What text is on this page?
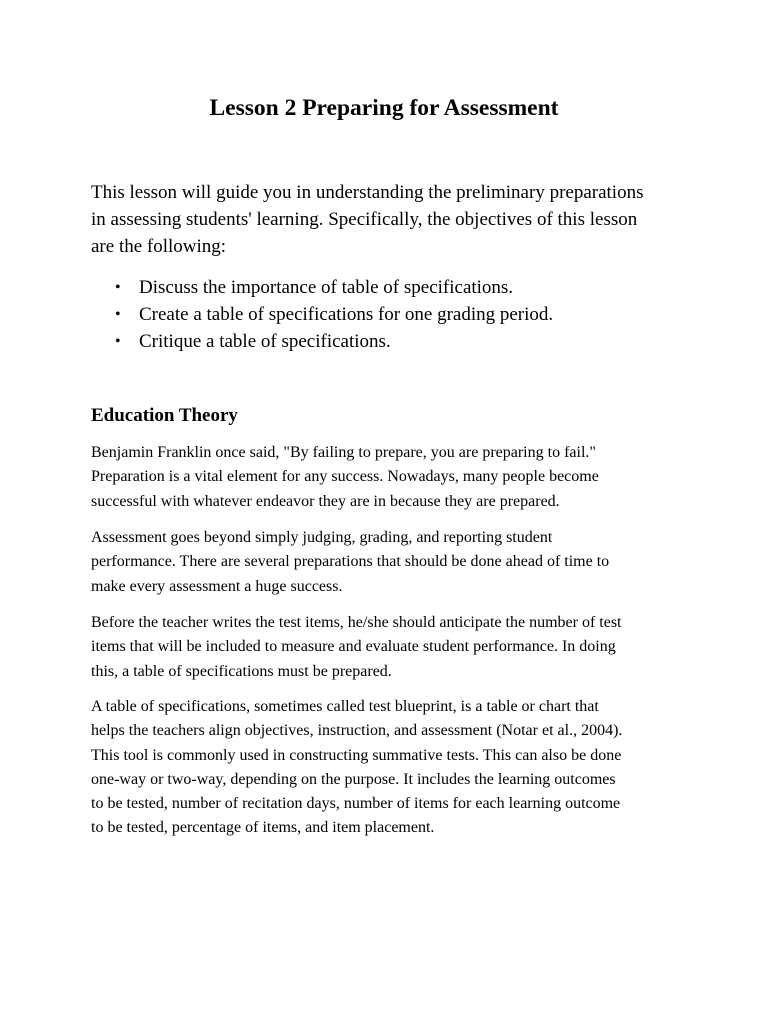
Lesson 2 Preparing for Assessment

This lesson will guide you in understanding the preliminary preparations
in assessing students' learning. Specifically, the objectives of this lesson
are the following:

• Discuss the importance of table of specifications.
• Create a table of specifications for one grading period.
• Critique a table of specifications.
Education Theory

Benjamin Franklin once said, "By failing to prepare, you are preparing to fail."
Preparation is a vital element for any success. Nowadays, many people become
successful with whatever endeavor they are in because they are prepared.

Assessment goes beyond simply judging, grading, and reporting student
performance. There are several preparations that should be done ahead of time to
make every assessment a huge success.

Before the teacher writes the test items, he/she should anticipate the number of test
items that will be included to measure and evaluate student performance. In doing
this, a table of specifications must be prepared.

A table of specifications, sometimes called test blueprint, is a table or chart that
helps the teachers align objectives, instruction, and assessment (Notar et al., 2004).
This tool is commonly used in constructing summative tests. This can also be done
one-way or two-way, depending on the purpose. It includes the learning outcomes
to be tested, number of recitation days, number of items for each learning outcome
to be tested, percentage of items, and item placement.
